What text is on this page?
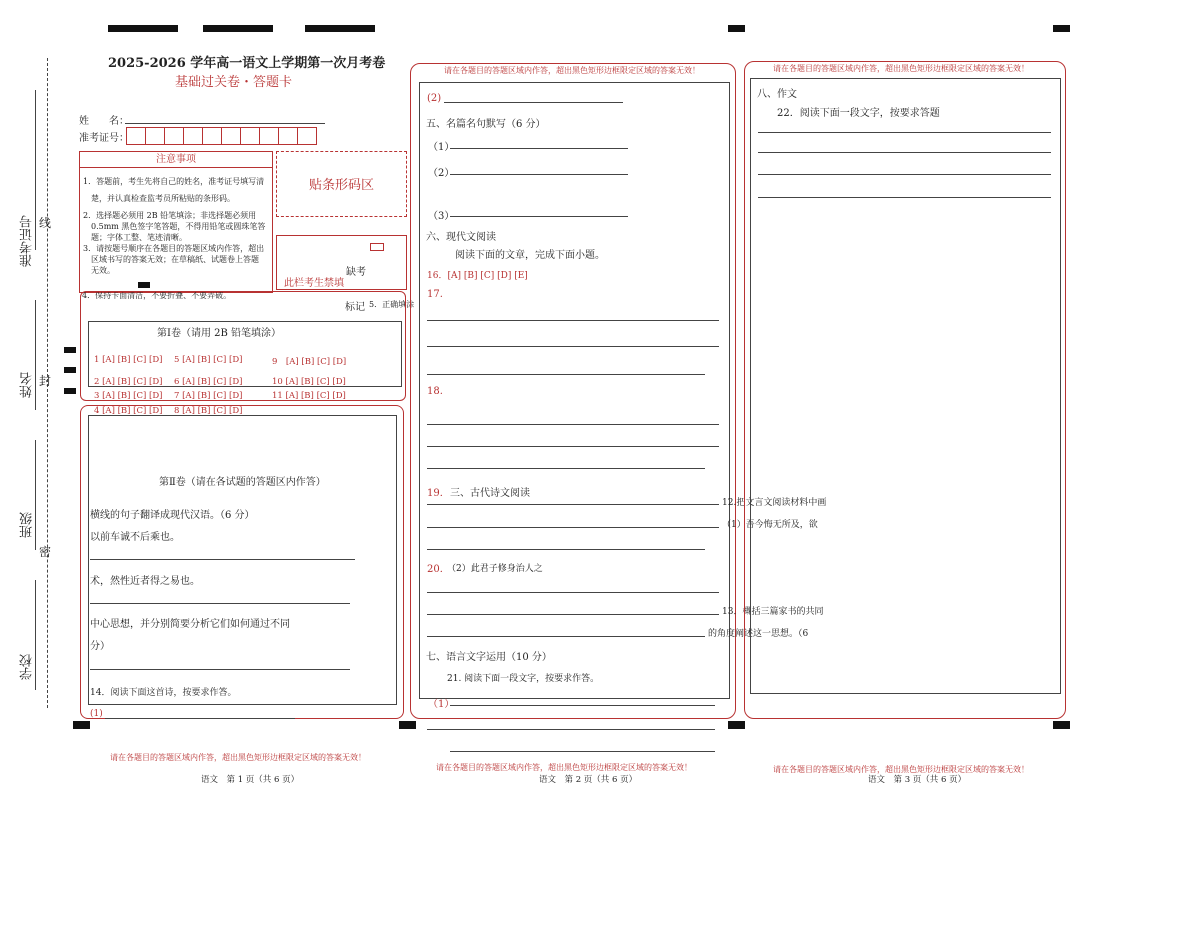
准考证号 线
姓名 封
班级
密
学校
2025-2026 学年高一语文上学期第一次月考卷
基础过关卷・答题卡
姓　　名：
准考证号：
注意事项
1．答题前，考生先将自己的姓名，准考证号填写清
　楚，并认真检查监考员所粘贴的条形码。
2．选择题必须用 2B 铅笔填涂；非选择题必须用
　0.5mm 黑色签字笔答题，不得用铅笔或圆珠笔答
　题；字体工整、笔迹清晰。
3．请按题号顺序在各题目的答题区域内作答，超出
　区域书写的答案无效；在草稿纸、试题卷上答题
　无效。
4．保持卡面清洁，不要折叠、不要弄破。
贴条形码区
缺考
此栏考生禁填
标记 5．正确填涂
第Ⅰ卷（请用 2B 铅笔填涂）
1 [A] [B] [C] [D] 5 [A] [B] [C] [D]	9　[A] [B] [C] [D]
2 [A] [B] [C] [D] 6 [A] [B] [C] [D]	10 [A] [B] [C] [D]
3 [A] [B] [C] [D] 7 [A] [B] [C] [D]	11 [A] [B] [C] [D]
4 [A] [B] [C] [D] 8 [A] [B] [C] [D]
第Ⅱ卷（请在各试题的答题区内作答）
横线的句子翻译成现代汉语。（6 分）
以前车诚不后乘也。
术，然性近者得之易也。
中心思想，并分别简要分析它们如何通过不同
分）
14．阅读下面这首诗，按要求作答。
(1)
请在各题目的答题区域内作答，超出黑色矩形边框限定区域的答案无效！
语文　第 1 页（共 6 页）
请在各题目的答题区域内作答，超出黑色矩形边框限定区域的答案无效！
(2)
五、名篇名句默写（6 分）
（1）
（2）
（3）
六、现代文阅读
阅读下面的文章，完成下面小题。
16．[A] [B] [C] [D] [E]
17.
18.
19． 三、古代诗文阅读
12.把文言文阅读材料中画
（1）吾今悔无所及，欲
20．
（2）此君子修身治人之
13．概括三篇家书的共同
的角度阐述这一思想。（6
七、语言文字运用（10 分）
21. 阅读下面一段文字，按要求作答。
（1）
请在各题目的答题区域内作答，超出黑色矩形边框限定区域的答案无效！
语文　第 2 页（共 6 页）
请在各题目的答题区域内作答，超出黑色矩形边框限定区域的答案无效！
八、作文
22．阅读下面一段文字，按要求答题
请在各题目的答题区域内作答，超出黑色矩形边框限定区域的答案无效！
语文　第 3 页（共 6 页）
